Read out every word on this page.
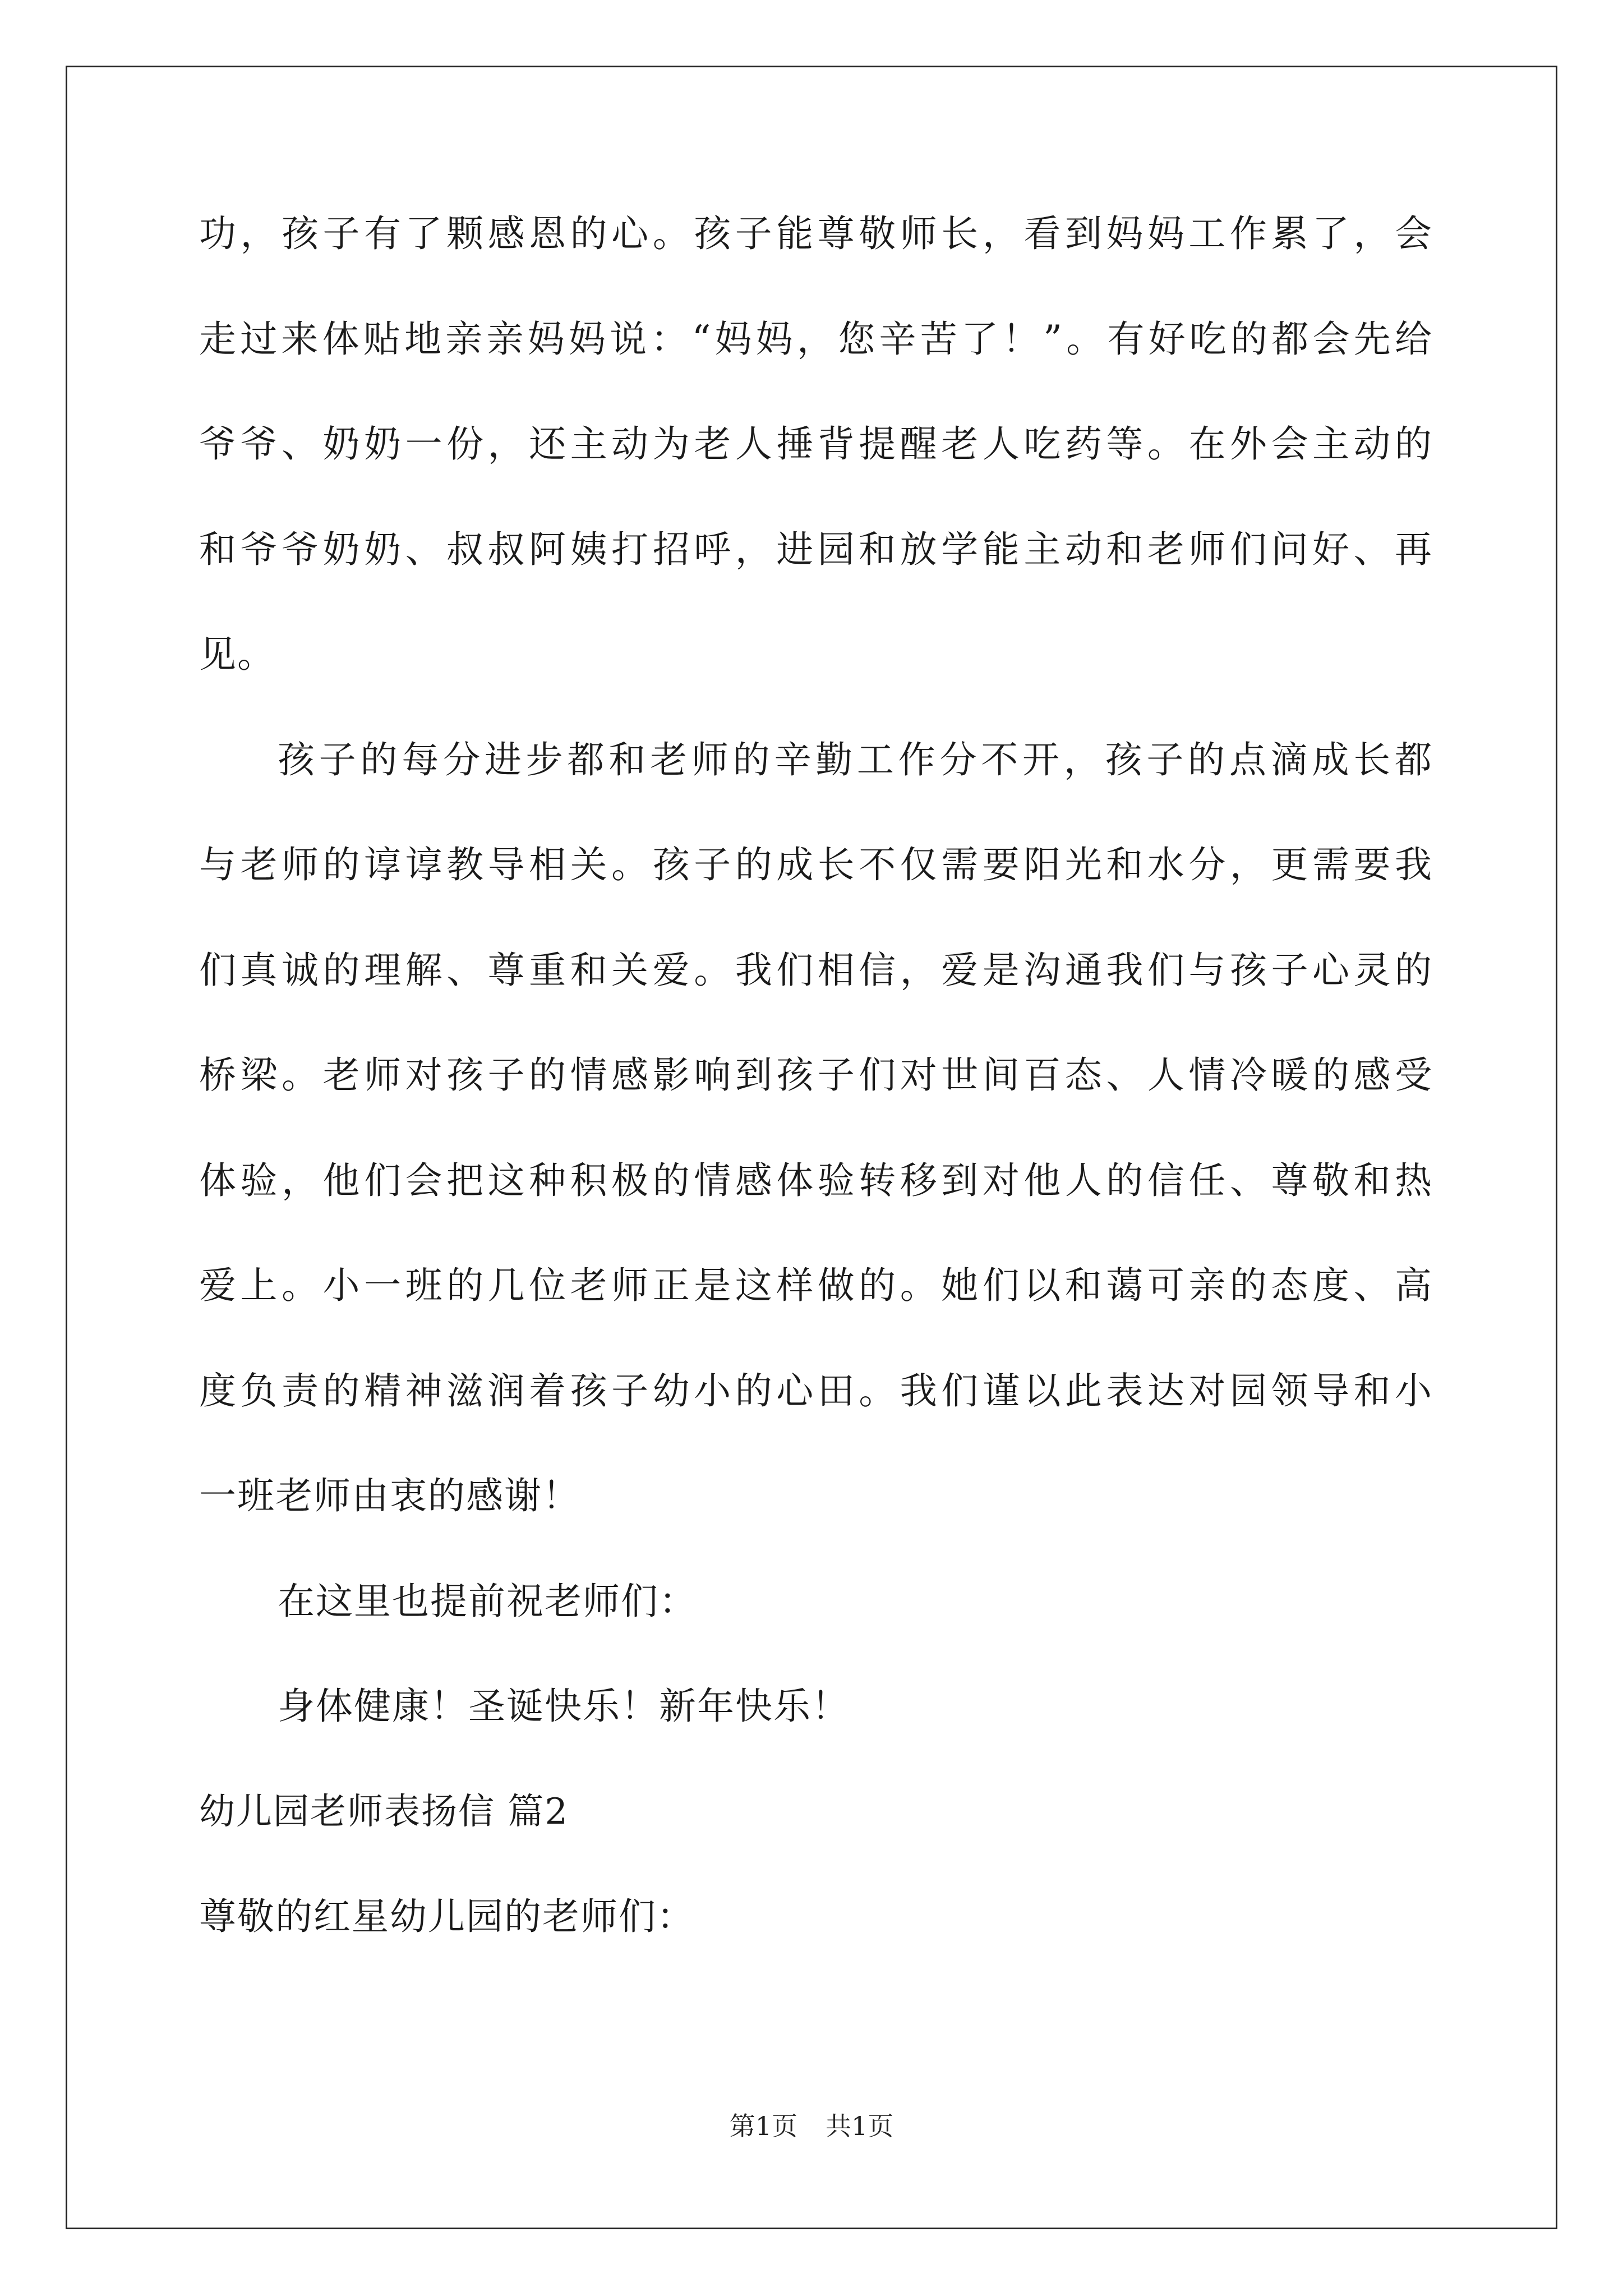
功，孩子有了颗感恩的心。孩子能尊敬师长，看到妈妈工作累了，会
走过来体贴地亲亲妈妈说：“妈妈，您辛苦了！”。有好吃的都会先给
爷爷、奶奶一份，还主动为老人捶背提醒老人吃药等。在外会主动的
和爷爷奶奶、叔叔阿姨打招呼，进园和放学能主动和老师们问好、再
见。
孩子的每分进步都和老师的辛勤工作分不开，孩子的点滴成长都
与老师的谆谆教导相关。孩子的成长不仅需要阳光和水分，更需要我
们真诚的理解、尊重和关爱。我们相信，爱是沟通我们与孩子心灵的
桥梁。老师对孩子的情感影响到孩子们对世间百态、人情冷暖的感受
体验，他们会把这种积极的情感体验转移到对他人的信任、尊敬和热
爱上。小一班的几位老师正是这样做的。她们以和蔼可亲的态度、高
度负责的精神滋润着孩子幼小的心田。我们谨以此表达对园领导和小
一班老师由衷的感谢！
在这里也提前祝老师们：
身体健康！圣诞快乐！新年快乐！
幼儿园老师表扬信 篇2
尊敬的红星幼儿园的老师们：
第1页 共1页
